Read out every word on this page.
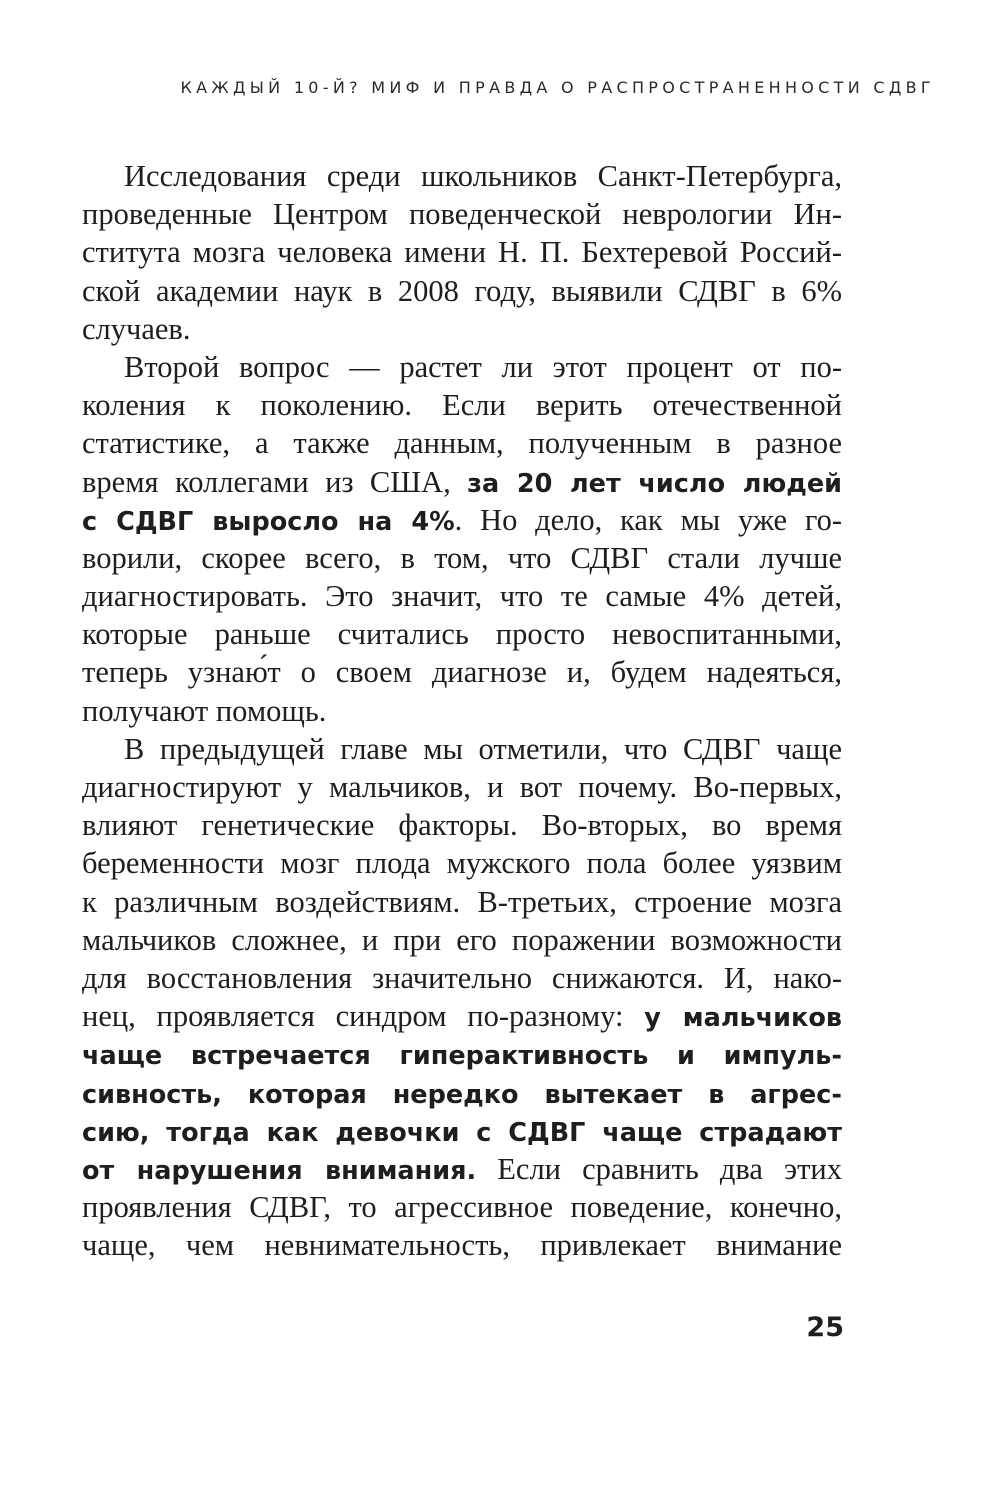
КАЖДЫЙ 10-Й? МИФ И ПРАВДА О РАСПРОСТРАНЕННОСТИ СДВГ
Исследования среди школьников Санкт-Петербурга,
проведенные Центром поведенческой неврологии Ин-
ститута мозга человека имени Н. П. Бехтеревой Россий-
ской академии наук в 2008 году, выявили СДВГ в 6%
случаев.
Второй вопрос — растет ли этот процент от по-
коления к поколению. Если верить отечественной
статистике, а также данным, полученным в разное
время коллегами из США, за 20 лет число людей
с СДВГ выросло на 4%. Но дело, как мы уже го-
ворили, скорее всего, в том, что СДВГ стали лучше
диагностировать. Это значит, что те самые 4% детей,
которые раньше считались просто невоспитанными,
теперь узнаю́т о своем диагнозе и, будем надеяться,
получают помощь.
В предыдущей главе мы отметили, что СДВГ чаще
диагностируют у мальчиков, и вот почему. Во-первых,
влияют генетические факторы. Во-вторых, во время
беременности мозг плода мужского пола более уязвим
к различным воздействиям. В-третьих, строение мозга
мальчиков сложнее, и при его поражении возможности
для восстановления значительно снижаются. И, нако-
нец, проявляется синдром по-разному: у мальчиков
чаще встречается гиперактивность и импуль-
сивность, которая нередко вытекает в агрес-
сию, тогда как девочки с СДВГ чаще страдают
от нарушения внимания. Если сравнить два этих
проявления СДВГ, то агрессивное поведение, конечно,
чаще, чем невнимательность, привлекает внимание
25
